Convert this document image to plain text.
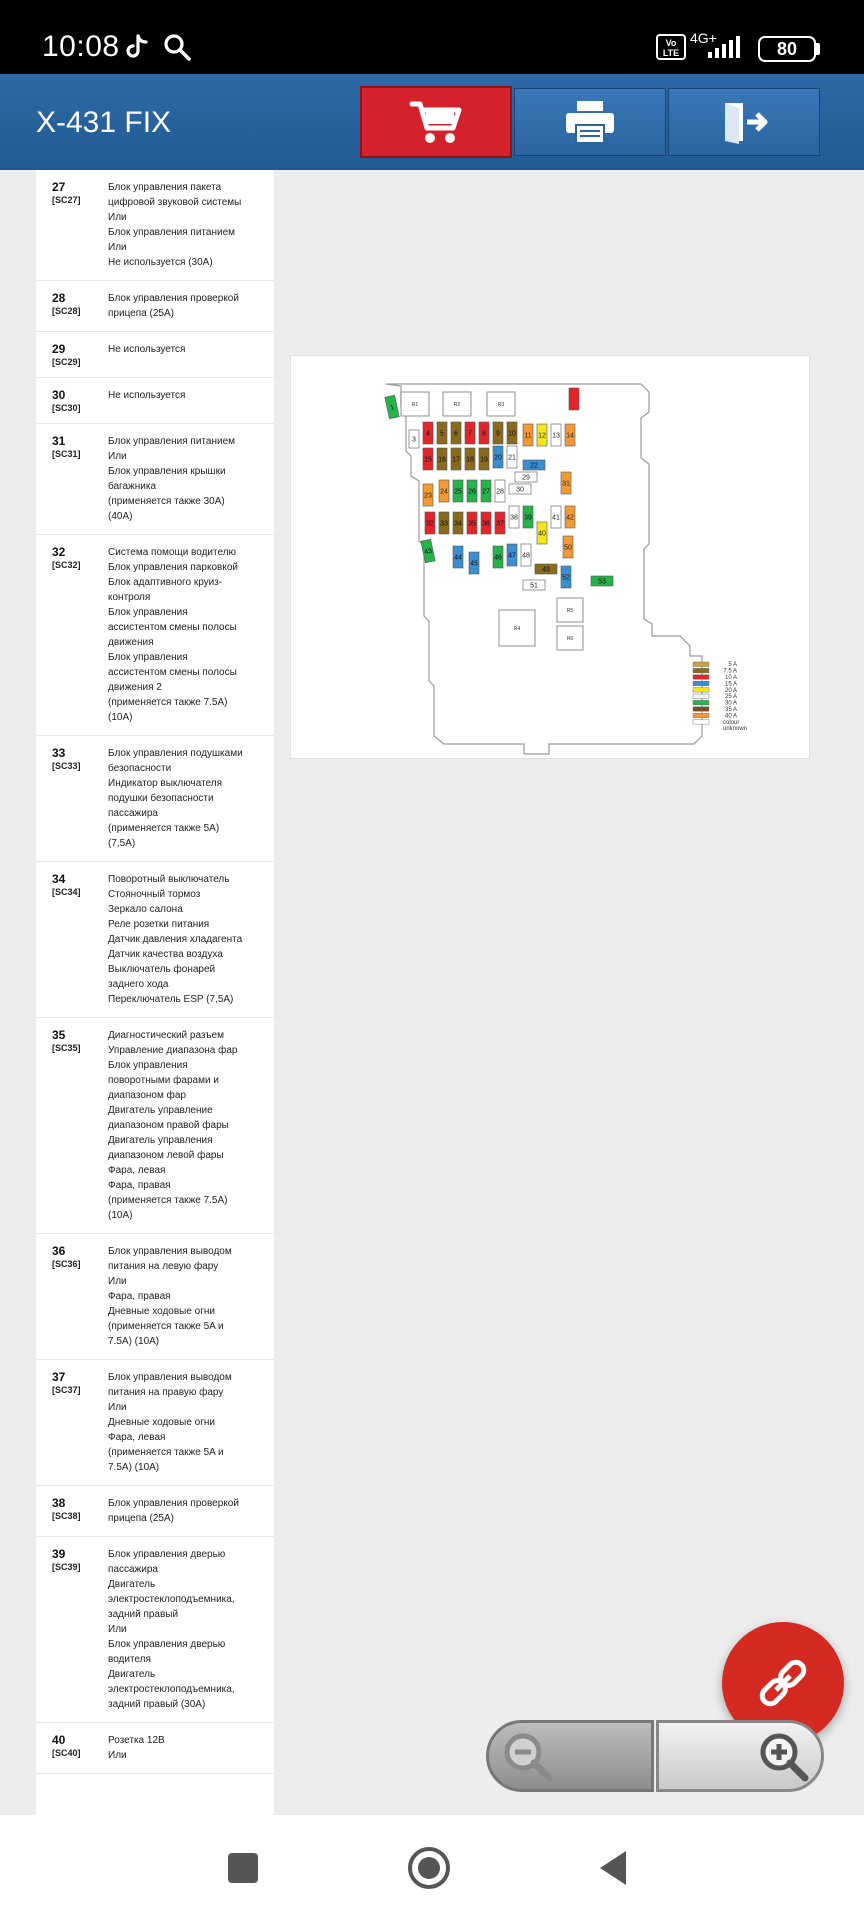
10:08	Vo
LTE
4G+
80
X-431 FIX
27
[SC27]
Блок управления пакета
цифровой звуковой системы
Или
Блок управления питанием
Или
Не используется (30A)
28
[SC28]
Блок управления проверкой
прицепа (25A)
29
[SC29]
Не используется
30
[SC30]
Не используется
31
[SC31]
Блок управления питанием
Или
Блок управления крышки
багажника
(применяется также 30A)
(40A)
32
[SC32]
Система помощи водителю
Блок управления парковкой
Блок адаптивного круиз-
контроля
Блок управления
ассистентом смены полосы
движения
Блок управления
ассистентом смены полосы
движения 2
(применяется также 7.5A)
(10A)
33
[SC33]
Блок управления подушками
безопасности
Индикатор выключателя
подушки безопасности
пассажира
(применяется также 5A)
(7,5A)
34
[SC34]
Поворотный выключатель
Стояночный тормоз
Зеркало салона
Реле розетки питания
Датчик давления хладагента
Датчик качества воздуха
Выключатель фонарей
заднего хода
Переключатель ESP (7,5A)
35
[SC35]
Диагностический разъем
Управление диапазона фар
Блок управления
поворотными фарами и
диапазоном фар
Двигатель управление
диапазоном правой фары
Двигатель управления
диапазоном левой фары
Фара, левая
Фара, правая
(применяется также 7.5A)
(10A)
36
[SC36]
Блок управления выводом
питания на левую фару
Или
Фара, правая
Дневные ходовые огни
(применяется также 5A и
7.5A) (10A)
37
[SC37]
Блок управления выводом
питания на правую фару
Или
Дневные ходовые огни
Фара, левая
(применяется также 5A и
7.5A) (10A)
38
[SC38]
Блок управления проверкой
прицепа (25A)
39
[SC39]
Блок управления дверью
пассажира
Двигатель
электростеклоподъемника,
задний правый
Или
Блок управления дверью
водителя
Двигатель
электростеклоподъемника,
задний правый (30A)
40
[SC40]
Розетка 12В
Или
R1	R2	R3
R4
R5
R6
1
3
4 5 6 7 8 9 10 11 12 13 14
15 16 17 18 19 20 21
22
23
24 25 26 27 28
29
30
31
32 33 34 35 36 37
38 39
40
41 42
43
44
45
46 47 48
49
50
51
52
53
5 A
7.5 A
10 A
15 A
20 A
25 A
30 A
35 A
40 A
colour unknown
